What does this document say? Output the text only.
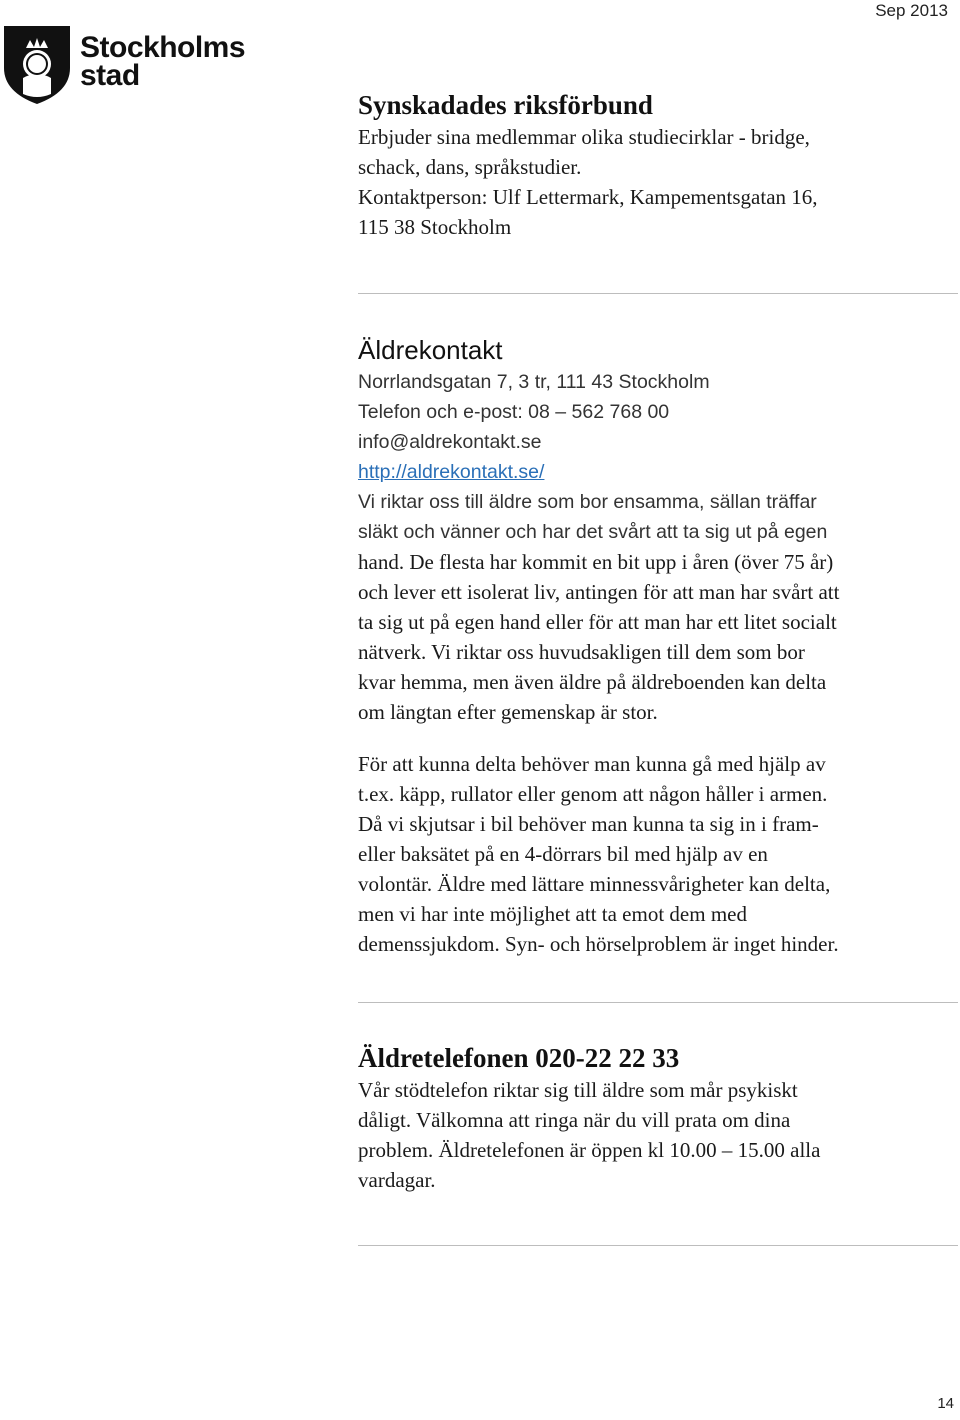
Sep 2013
Stockholms
stad
Synskadades riksförbund

Erbjuder sina medlemmar olika studiecirklar - bridge,

schack, dans, språkstudier.

Kontaktperson: Ulf Lettermark, Kampementsgatan 16,

115 38 Stockholm

Äldrekontakt

Norrlandsgatan 7, 3 tr, 111 43 Stockholm

Telefon och e-post: 08 – 562 768 00

info@aldrekontakt.se

http://aldrekontakt.se/

Vi riktar oss till äldre som bor ensamma, sällan träffar

släkt och vänner och har det svårt att ta sig ut på egen

hand. De flesta har kommit en bit upp i åren (över 75 år)

och lever ett isolerat liv, antingen för att man har svårt att

ta sig ut på egen hand eller för att man har ett litet socialt

nätverk. Vi riktar oss huvudsakligen till dem som bor

kvar hemma, men även äldre på äldreboenden kan delta

om längtan efter gemenskap är stor.

För att kunna delta behöver man kunna gå med hjälp av

t.ex. käpp, rullator eller genom att någon håller i armen.

Då vi skjutsar i bil behöver man kunna ta sig in i fram-

eller baksätet på en 4-dörrars bil med hjälp av en

volontär. Äldre med lättare minnessvårigheter kan delta,

men vi har inte möjlighet att ta emot dem med

demenssjukdom. Syn- och hörselproblem är inget hinder.

Äldretelefonen 020-22 22 33

Vår stödtelefon riktar sig till äldre som mår psykiskt

dåligt. Välkomna att ringa när du vill prata om dina

problem. Äldretelefonen är öppen kl 10.00 – 15.00 alla

vardagar.

14
